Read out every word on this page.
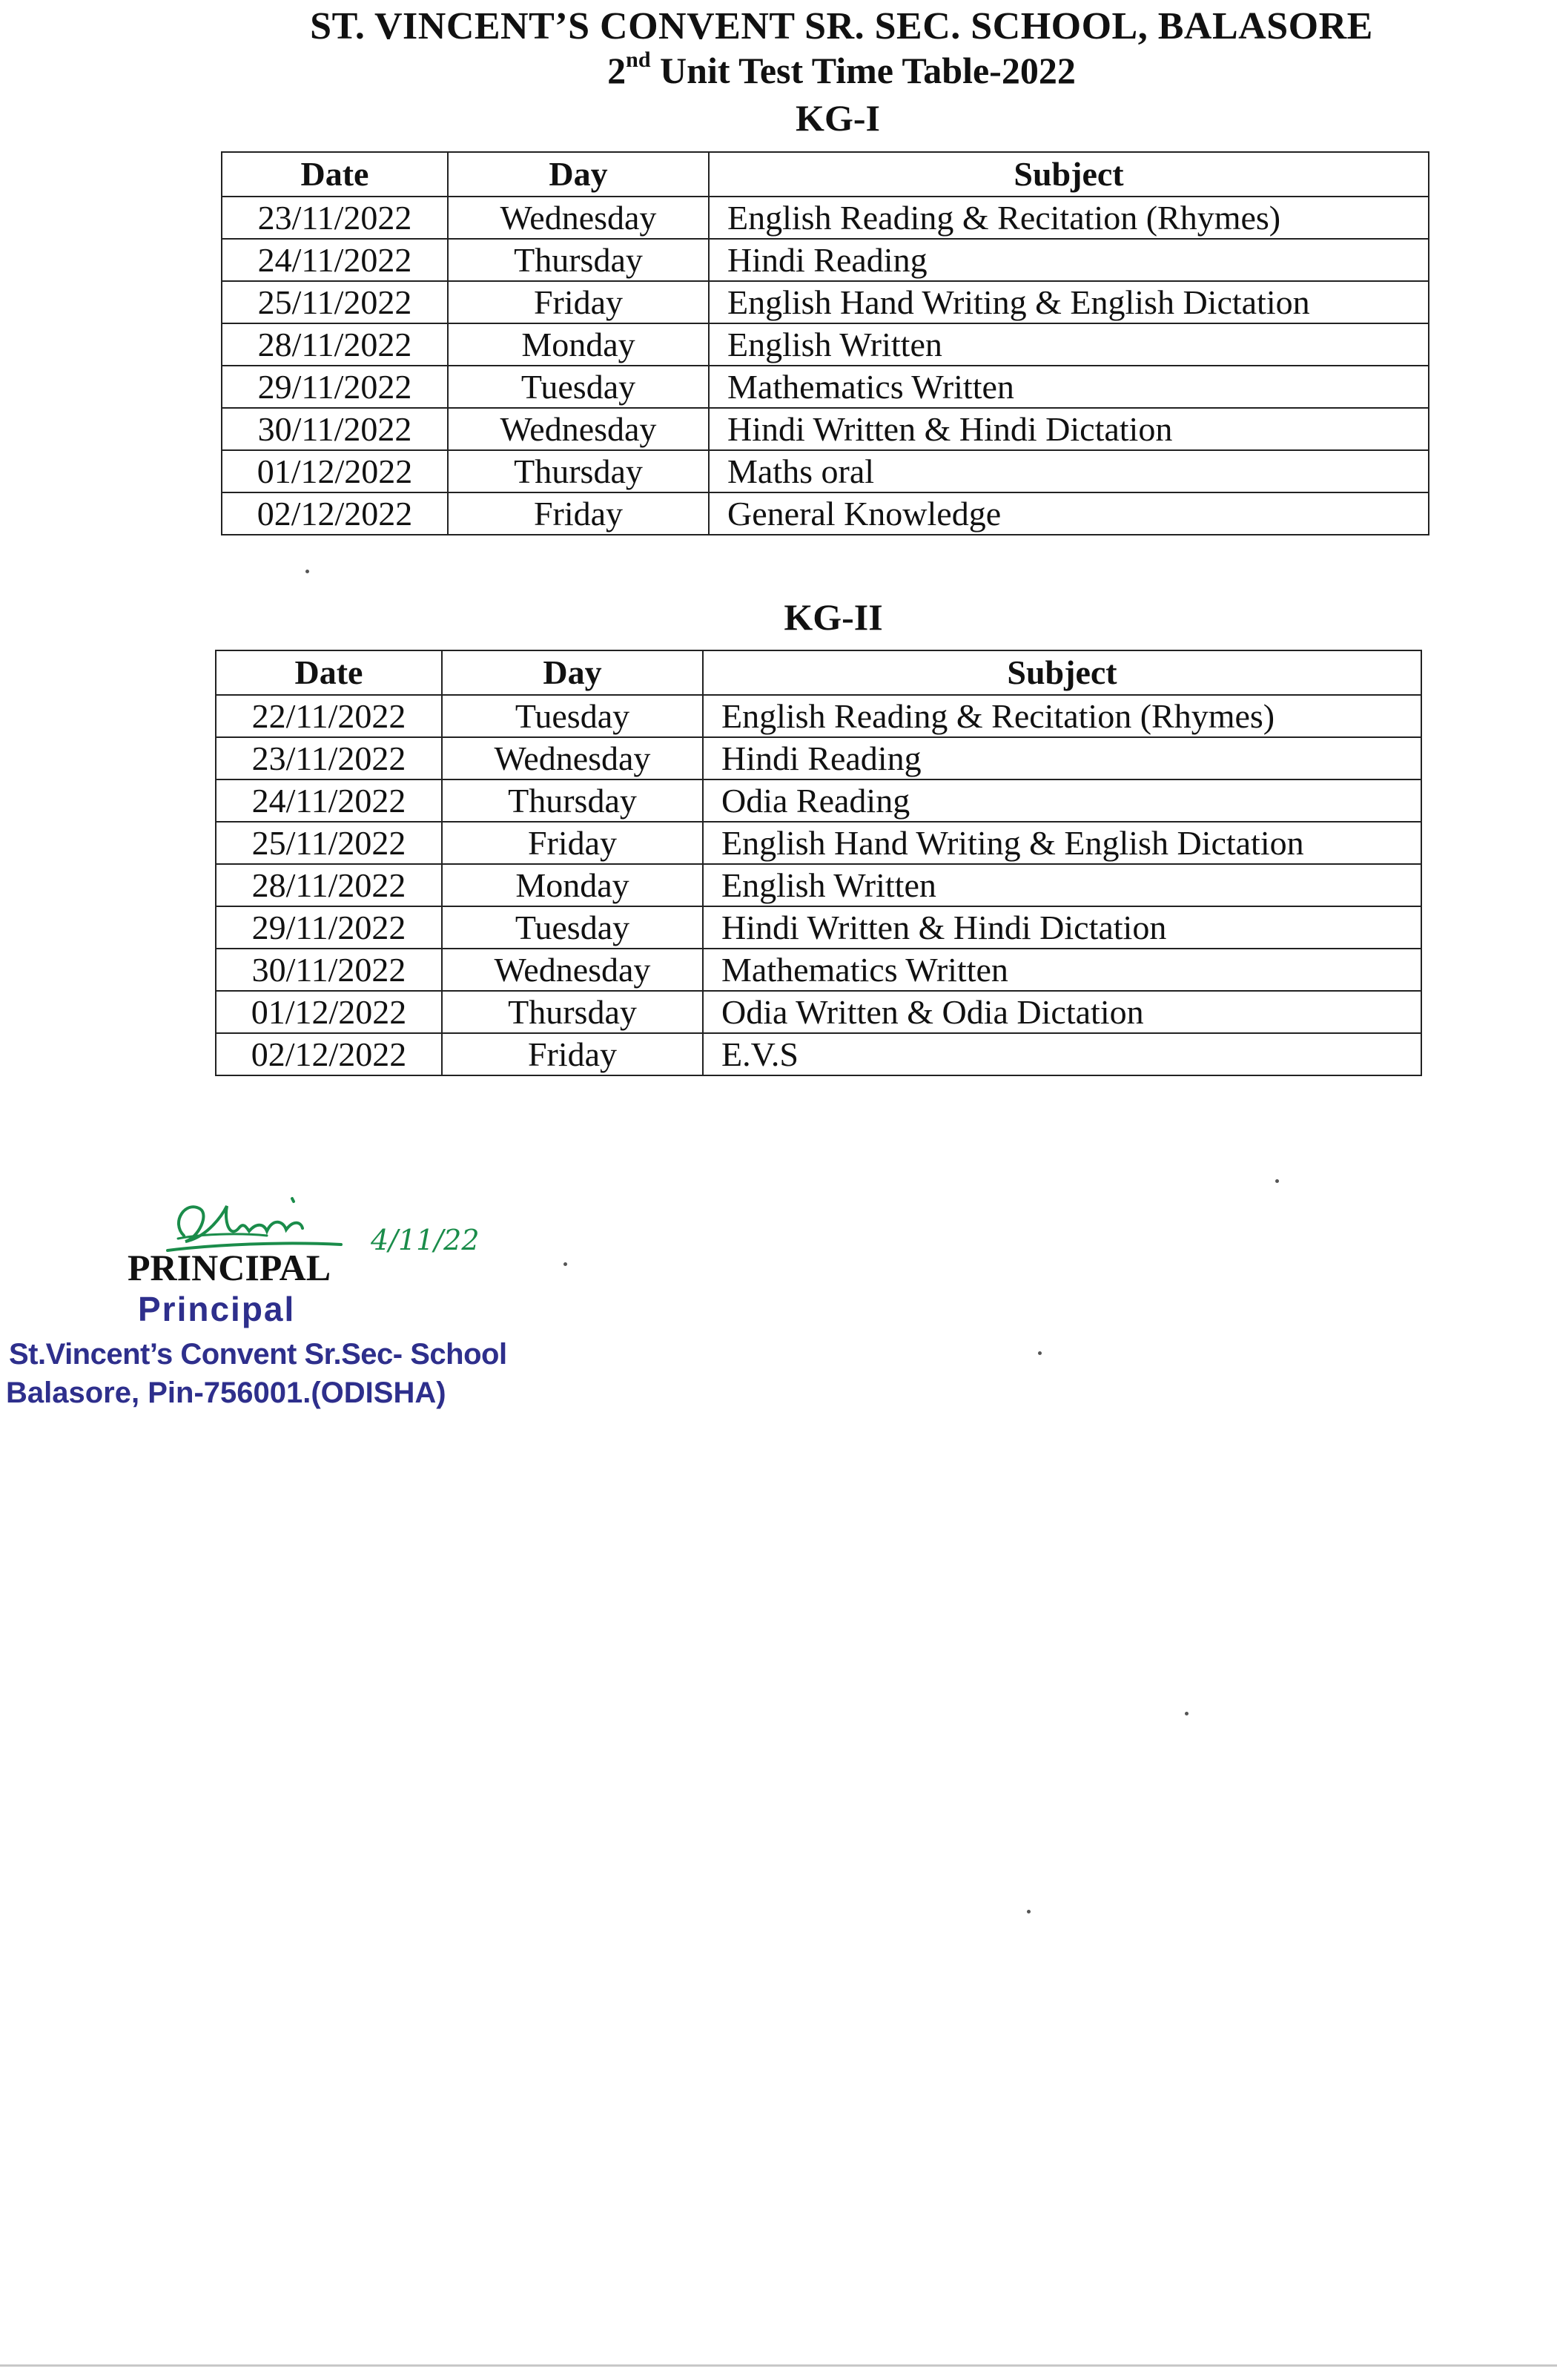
ST. VINCENT’S CONVENT SR. SEC. SCHOOL, BALASORE
2nd Unit Test Time Table-2022
KG-I
Date	Day	Subject
23/11/2022	Wednesday	English Reading & Recitation (Rhymes)
24/11/2022	Thursday	Hindi Reading
25/11/2022	Friday	English Hand Writing & English Dictation
28/11/2022	Monday	English Written
29/11/2022	Tuesday	Mathematics Written
30/11/2022	Wednesday	Hindi Written & Hindi Dictation
01/12/2022	Thursday	Maths oral
02/12/2022	Friday	General Knowledge
KG-II
Date	Day	Subject
22/11/2022	Tuesday	English Reading & Recitation (Rhymes)
23/11/2022	Wednesday	Hindi Reading
24/11/2022	Thursday	Odia Reading
25/11/2022	Friday	English Hand Writing & English Dictation
28/11/2022	Monday	English Written
29/11/2022	Tuesday	Hindi Written & Hindi Dictation
30/11/2022	Wednesday	Mathematics Written
01/12/2022	Thursday	Odia Written & Odia Dictation
02/12/2022	Friday	E.V.S
4/11/22
PRINCIPAL
Principal
St.Vincent’s Convent Sr.Sec- School
Balasore, Pin-756001.(ODISHA)
